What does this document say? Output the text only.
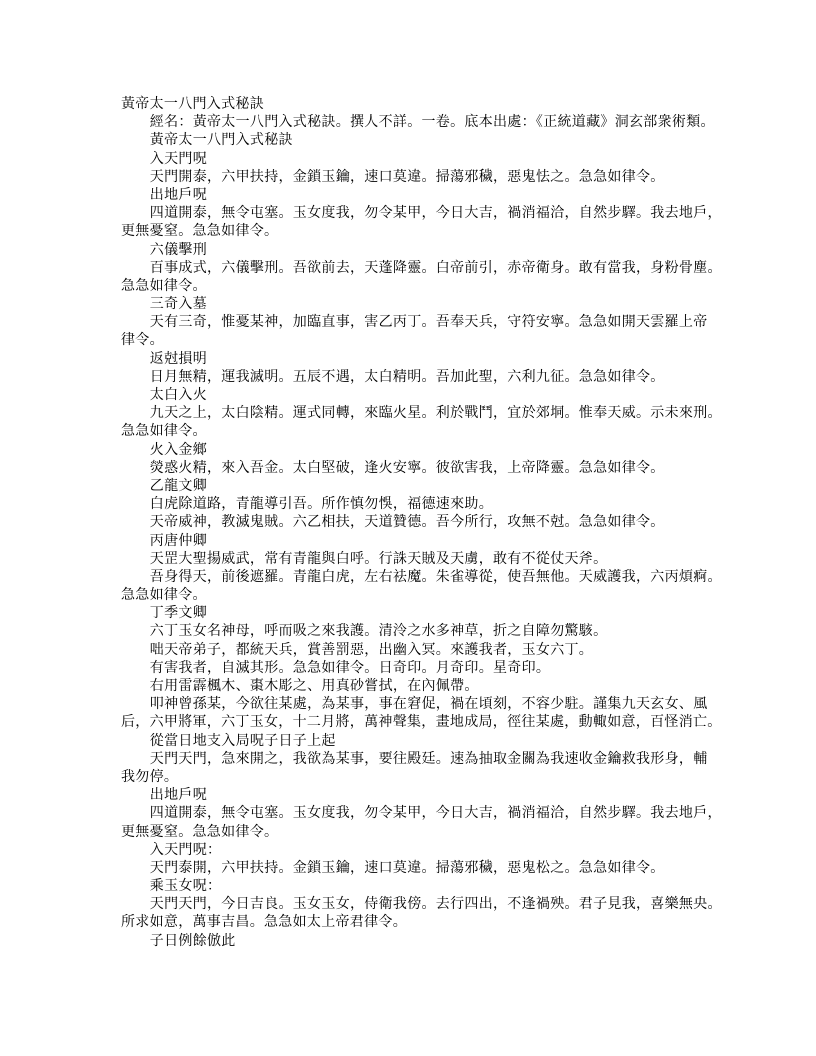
黃帝太一八門入式秘訣
經名：黃帝太一八門入式秘訣。撰人不詳。一卷。底本出處：《正統道藏》洞玄部衆術類。
黃帝太一八門入式秘訣
入天門呪
天門開泰，六甲扶持，金鎖玉鑰，速口莫違。掃蕩邪穢，惡鬼怯之。急急如律令。
出地戶呪
四道開泰，無令屯塞。玉女度我，勿令某甲，今日大吉，禍消福洽，自然步驛。我去地戶，
更無憂窒。急急如律令。
六儀擊刑
百事成式，六儀擊刑。吾欲前去，天蓬降靈。白帝前引，赤帝衛身。敢有當我，身粉骨塵。
急急如律令。
三奇入墓
天有三奇，惟憂某神，加臨直事，害乙丙丁。吾奉天兵，守符安寧。急急如開天雲羅上帝
律令。
返尅損明
日月無精，運我滅明。五辰不遇，太白精明。吾加此聖，六利九征。急急如律令。
太白入火
九天之上，太白陰精。運式同轉，來臨火星。利於戰鬥，宜於郊垌。惟奉天威。示未來刑。
急急如律令。
火入金鄉
熒惑火精，來入吾金。太白堅破，逢火安寧。彼欲害我，上帝降靈。急急如律令。
乙龍文卿
白虎除道路，青龍導引吾。所作慎勿悞，福德速來助。
天帝威神，教滅鬼賊。六乙相扶，天道贊德。吾今所行，攻無不尅。急急如律令。
丙唐仲卿
天罡大聖揚威武，常有青龍與白呼。行誅天賊及天虜，敢有不從仗天斧。
吾身得天，前後遮羅。青龍白虎，左右祛魔。朱雀導從，使吾無他。天威護我，六丙煩痾。
急急如律令。
丁季文卿
六丁玉女名神母，呼而吸之來我護。清泠之水多神草，折之自障勿驚駭。
咄天帝弟子，都統天兵，賞善罰惡，出幽入冥。來護我者，玉女六丁。
有害我者，自滅其形。急急如律令。日奇印。月奇印。星奇印。
右用雷霹楓木、棗木彫之、用真砂嘗拭，在內佩帶。
叩神曾孫某，今欲往某處，為某事，事在窘促，禍在頃刻，不容少駐。謹集九天玄女、風
后，六甲將軍，六丁玉女，十二月將，萬神聲集，畫地成局，徑往某處，動輙如意，百怪消亡。
從當日地支入局呪子日子上起
天門天門，急來開之，我欲為某事，要往殿廷。速為抽取金關為我速收金鑰救我形身，輔
我勿停。
出地戶呪
四道開泰，無令屯塞。玉女度我，勿令某甲，今日大吉，禍消福洽，自然步驛。我去地戶，
更無憂窒。急急如律令。
入天門呪：
天門泰開，六甲扶持。金鎖玉鑰，速口莫違。掃蕩邪穢，惡鬼松之。急急如律令。
乘玉女呪：
天門天門，今日吉良。玉女玉女，侍衛我傍。去行四出，不逢禍殃。君子見我，喜樂無央。
所求如意，萬事吉昌。急急如太上帝君律令。
子日例餘倣此
